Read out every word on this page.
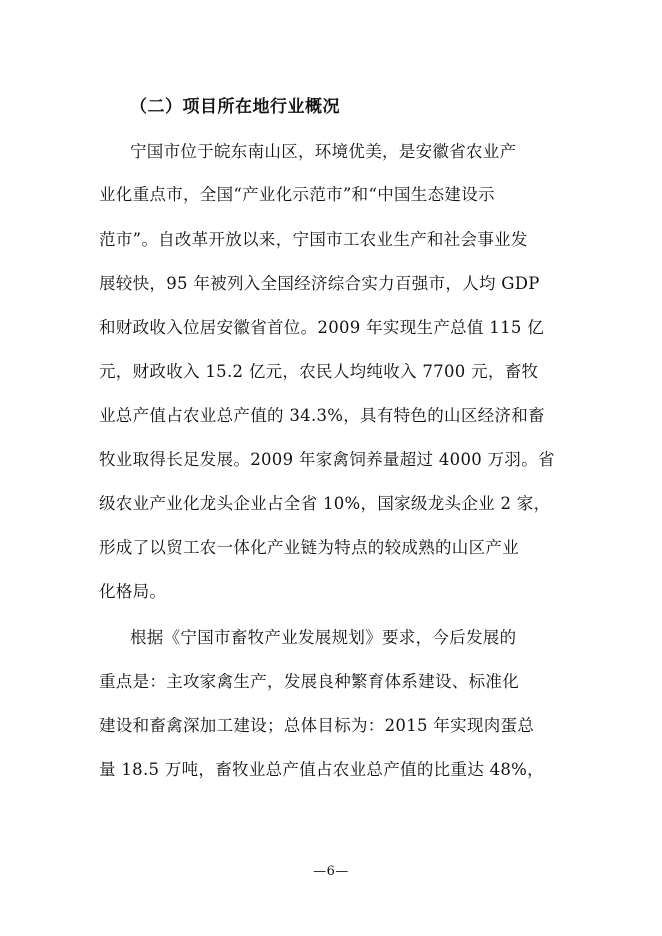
（二）项目所在地行业概况
宁国市位于皖东南山区，环境优美，是安徽省农业产
业化重点市，全国“产业化示范市”和“中国生态建设示
范市”。自改革开放以来，宁国市工农业生产和社会事业发
展较快，95 年被列入全国经济综合实力百强市，人均 GDP
和财政收入位居安徽省首位。2009 年实现生产总值 115 亿
元，财政收入 15.2 亿元，农民人均纯收入 7700 元，畜牧
业总产值占农业总产值的 34.3%，具有特色的山区经济和畜
牧业取得长足发展。2009 年家禽饲养量超过 4000 万羽。省
级农业产业化龙头企业占全省 10%，国家级龙头企业 2 家，
形成了以贸工农一体化产业链为特点的较成熟的山区产业
化格局。
根据《宁国市畜牧产业发展规划》要求，今后发展的
重点是：主攻家禽生产，发展良种繁育体系建设、标准化
建设和畜禽深加工建设；总体目标为：2015 年实现肉蛋总
量 18.5 万吨，畜牧业总产值占农业总产值的比重达 48%，
—6—
